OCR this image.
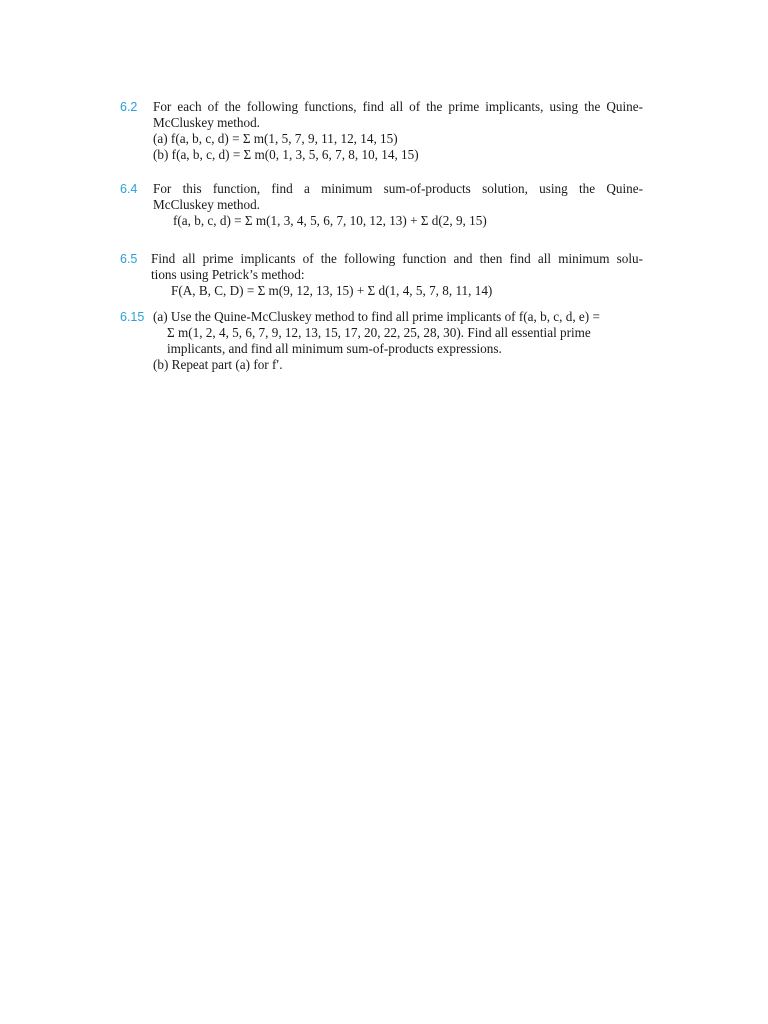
6.2 For each of the following functions, find all of the prime implicants, using the Quine-
McCluskey method.
(a) f(a, b, c, d) = Σ m(1, 5, 7, 9, 11, 12, 14, 15)
(b) f(a, b, c, d) = Σ m(0, 1, 3, 5, 6, 7, 8, 10, 14, 15)
6.4 For this function, find a minimum sum-of-products solution, using the Quine-
McCluskey method.
f(a, b, c, d) = Σ m(1, 3, 4, 5, 6, 7, 10, 12, 13) + Σ d(2, 9, 15)
6.5 Find all prime implicants of the following function and then find all minimum solu-
tions using Petrick’s method:
F(A, B, C, D) = Σ m(9, 12, 13, 15) + Σ d(1, 4, 5, 7, 8, 11, 14)
6.15 (a) Use the Quine-McCluskey method to find all prime implicants of f(a, b, c, d, e) =
Σ m(1, 2, 4, 5, 6, 7, 9, 12, 13, 15, 17, 20, 22, 25, 28, 30). Find all essential prime
implicants, and find all minimum sum-of-products expressions.
(b) Repeat part (a) for f′.
